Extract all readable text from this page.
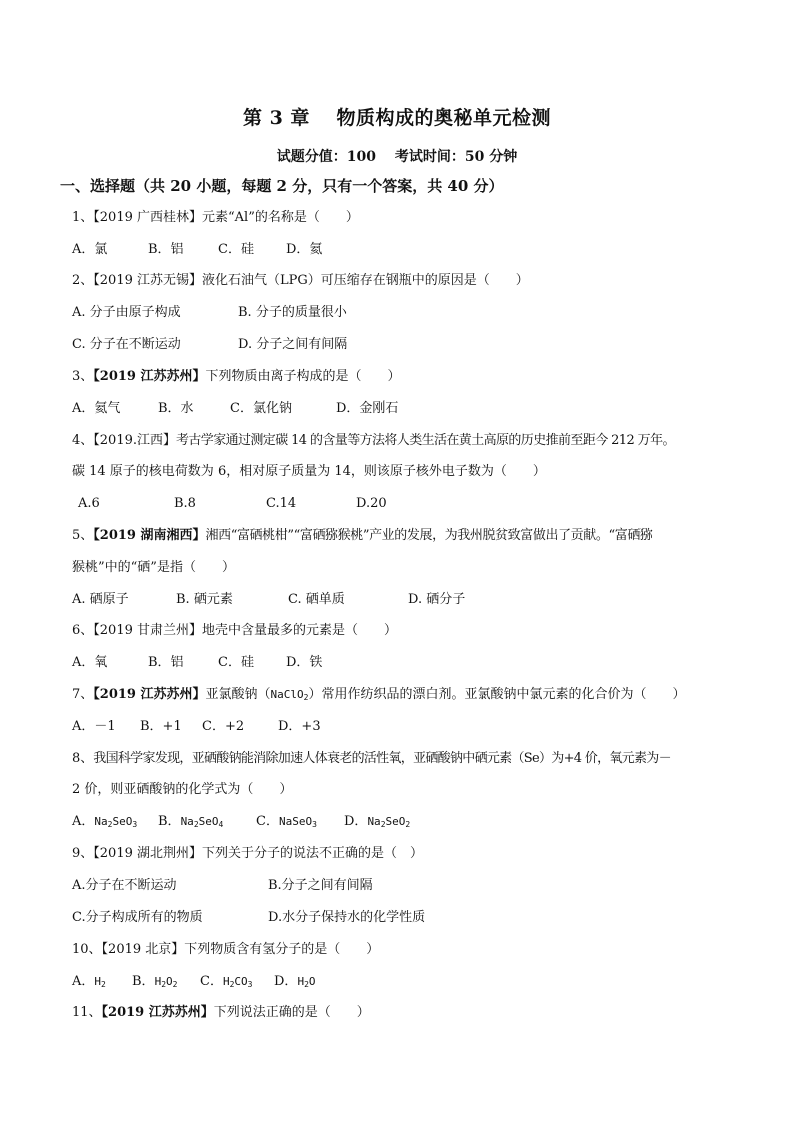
第 3 章　 物质构成的奥秘单元检测
试题分值：100　 考试时间：50 分钟
一、选择题（共 20 小题，每题 2 分，只有一个答案，共 40 分）
1、【2019 广西桂林】元素“Al”的名称是（　　）
A．氯	B．铝	C．硅 D．氦
2、【2019 江苏无锡】液化石油气（LPG）可压缩存在钢瓶中的原因是（　　）
A. 分子由原子构成	B. 分子的质量很小
C. 分子在不断运动	D. 分子之间有间隔
3、【2019 江苏苏州】下列物质由离子构成的是（　　）
A．氦气	B．水	C．氯化钠	D．金刚石
4、【2019.江西】考古学家通过测定碳 14 的含量等方法将人类生活在黄土高原的历史推前至距今 212 万年。
碳 14 原子的核电荷数为 6，相对原子质量为 14，则该原子核外电子数为（　　）
A.6	B.8	C.14	D.20
5、【2019 湖南湘西】湘西“富硒桃柑”“富硒猕猴桃”产业的发展，为我州脱贫致富做出了贡献。“富硒猕
猴桃”中的“硒”是指（　　）
A. 硒原子	B. 硒元素	C. 硒单质	D. 硒分子
6、【2019 甘肃兰州】地壳中含量最多的元素是（　　）
A．氧	B．铝	C．硅 D．铁
7、【2019 江苏苏州】亚氯酸钠（NaClO$_2$）常用作纺织品的漂白剂。亚氯酸钠中氯元素的化合价为（　　）
A．－1 B．+1 C．+2	D．+3
8、我国科学家发现，亚硒酸钠能消除加速人体衰老的活性氧，亚硒酸钠中硒元素（Se）为+4 价，氧元素为－
2 价，则亚硒酸钠的化学式为（　　）
A．$Na_2SeO_3$ B．$Na_2SeO_4$	C．NaSeO$_3$ D．$Na_2SeO_2$
9、【2019 湖北荆州】下列关于分子的说法不正确的是（　）
A.分子在不断运动	B.分子之间有间隔
C.分子构成所有的物质	D.水分子保持水的化学性质
10、【2019 北京】下列物质含有氢分子的是（　　）
A．$H_2$ B．$H_2O_2$ C．$H_2CO_3$ D．$H_2O$
11、【2019 江苏苏州】下列说法正确的是（　　）
